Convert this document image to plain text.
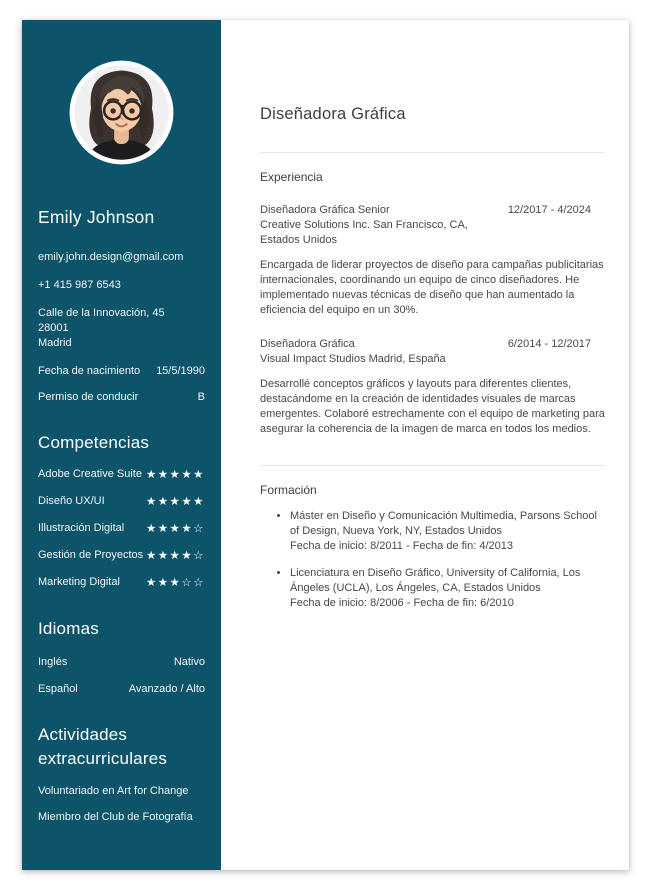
Emily Johnson
emily.john.design@gmail.com
+1 415 987 6543
Calle de la Innovación, 45
28001
Madrid
Fecha de nacimiento 15/5/1990
Permiso de conducir	B
Competencias
Adobe Creative Suite ★★★★★
Diseño UX/UI	★★★★★
Illustración Digital ★★★★☆
Gestión de Proyectos ★★★★☆
Marketing Digital ★★★☆☆
Idiomas
Inglés	Nativo
Español	Avanzado / Alto
Actividades extracurriculares
Voluntariado en Art for Change
Miembro del Club de Fotografía
Diseñadora Gráfica
Experiencia
Diseñadora Gráfica Senior
Creative Solutions Inc. San Francisco, CA, Estados Unidos
12/2017 - 4/2024

Encargada de liderar proyectos de diseño para campañas publicitarias internacionales, coordinando un equipo de cinco diseñadores. He implementado nuevas técnicas de diseño que han aumentado la eficiencia del equipo en un 30%.

Diseñadora Gráfica
Visual Impact Studios Madrid, España
6/2014 - 12/2017

Desarrollé conceptos gráficos y layouts para diferentes clientes, destacándome en la creación de identidades visuales de marcas emergentes. Colaboré estrechamente con el equipo de marketing para asegurar la coherencia de la imagen de marca en todos los medios.

Formación
• Máster en Diseño y Comunicación Multimedia, Parsons School of Design, Nueva York, NY, Estados Unidos
Fecha de inicio: 8/2011 - Fecha de fin: 4/2013
• Licenciatura en Diseño Gráfico, University of California, Los Ángeles (UCLA), Los Ángeles, CA, Estados Unidos
Fecha de inicio: 8/2006 - Fecha de fin: 6/2010
